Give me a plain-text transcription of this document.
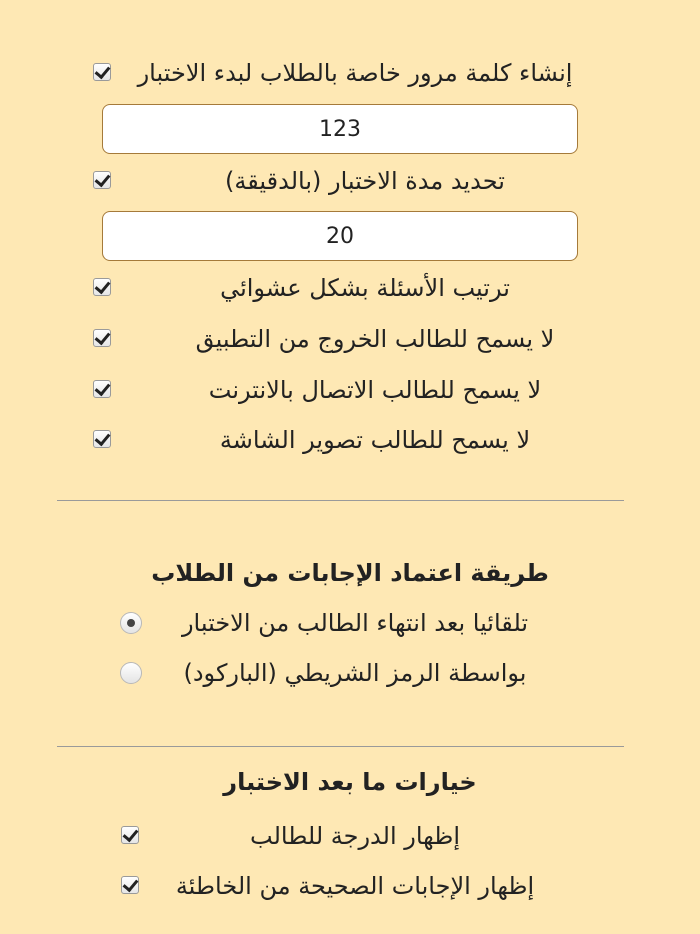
إنشاء كلمة مرور خاصة بالطلاب لبدء الاختبار
123
تحديد مدة الاختبار (بالدقيقة)
20
ترتيب الأسئلة بشكل عشوائي
لا يسمح للطالب الخروج من التطبيق
لا يسمح للطالب الاتصال بالانترنت
لا يسمح للطالب تصوير الشاشة
طريقة اعتماد الإجابات من الطلاب
تلقائيا بعد انتهاء الطالب من الاختبار
بواسطة الرمز الشريطي (الباركود)
خيارات ما بعد الاختبار
إظهار الدرجة للطالب
إظهار الإجابات الصحيحة من الخاطئة
